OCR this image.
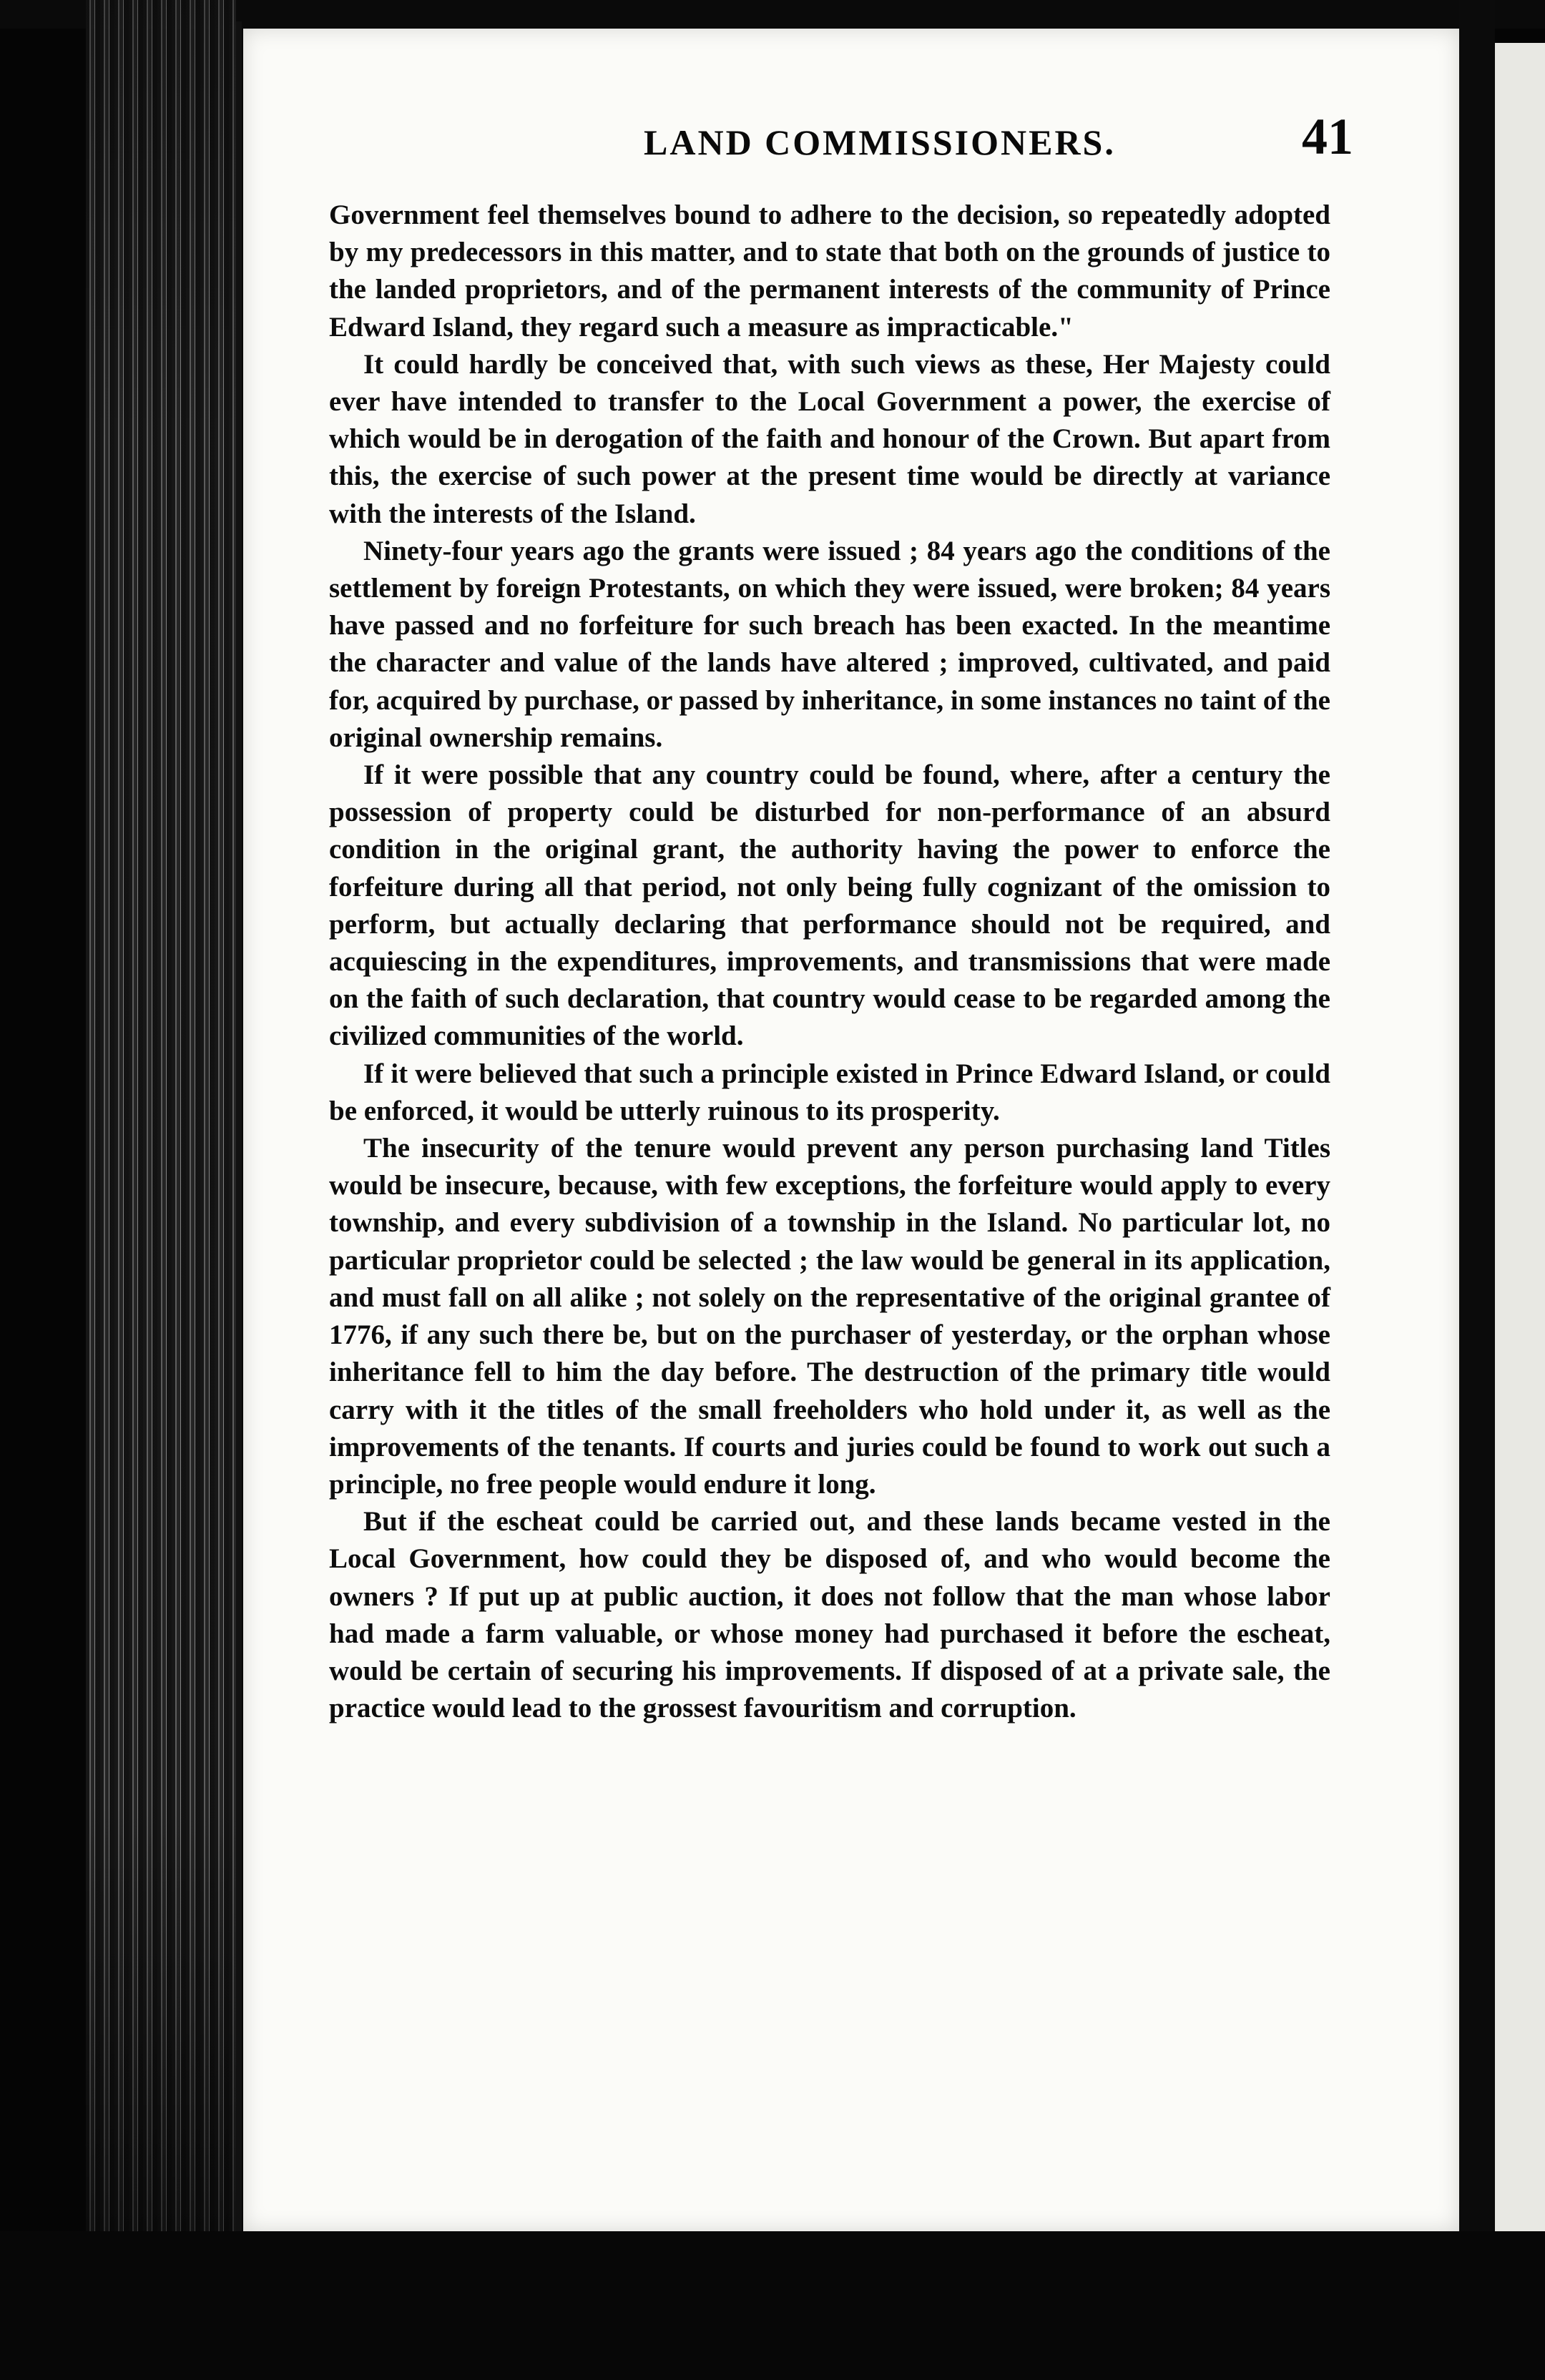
LAND COMMISSIONERS.	41

Government feel themselves bound to adhere to the decision, so repeatedly adopted by my predecessors in this matter, and to state that both on the grounds of justice to the landed proprietors, and of the permanent interests of the community of Prince Edward Island, they regard such a measure as impracticable."

It could hardly be conceived that, with such views as these, Her Majesty could ever have intended to transfer to the Local Government a power, the exercise of which would be in derogation of the faith and honour of the Crown. But apart from this, the exercise of such power at the present time would be directly at variance with the interests of the Island.

Ninety-four years ago the grants were issued ; 84 years ago the conditions of the settlement by foreign Protestants, on which they were issued, were broken; 84 years have passed and no forfeiture for such breach has been exacted. In the meantime the character and value of the lands have altered ; improved, cultivated, and paid for, acquired by purchase, or passed by inheritance, in some instances no taint of the original ownership remains.

If it were possible that any country could be found, where, after a century the possession of property could be disturbed for non-performance of an absurd condition in the original grant, the authority having the power to enforce the forfeiture during all that period, not only being fully cognizant of the omission to perform, but actually declaring that performance should not be required, and acquiescing in the expenditures, improvements, and transmissions that were made on the faith of such declaration, that country would cease to be regarded among the civilized communities of the world.

If it were believed that such a principle existed in Prince Edward Island, or could be enforced, it would be utterly ruinous to its prosperity.

The insecurity of the tenure would prevent any person purchasing land Titles would be insecure, because, with few exceptions, the forfeiture would apply to every township, and every subdivision of a township in the Island. No particular lot, no particular proprietor could be selected ; the law would be general in its application, and must fall on all alike ; not solely on the representative of the original grantee of 1776, if any such there be, but on the purchaser of yesterday, or the orphan whose inheritance fell to him the day before. The destruction of the primary title would carry with it the titles of the small freeholders who hold under it, as well as the improvements of the tenants. If courts and juries could be found to work out such a principle, no free people would endure it long.

But if the escheat could be carried out, and these lands became vested in the Local Government, how could they be disposed of, and who would become the owners ? If put up at public auction, it does not follow that the man whose labor had made a farm valuable, or whose money had purchased it before the escheat, would be certain of securing his improvements. If disposed of at a private sale, the practice would lead to the grossest favouritism and corruption.
